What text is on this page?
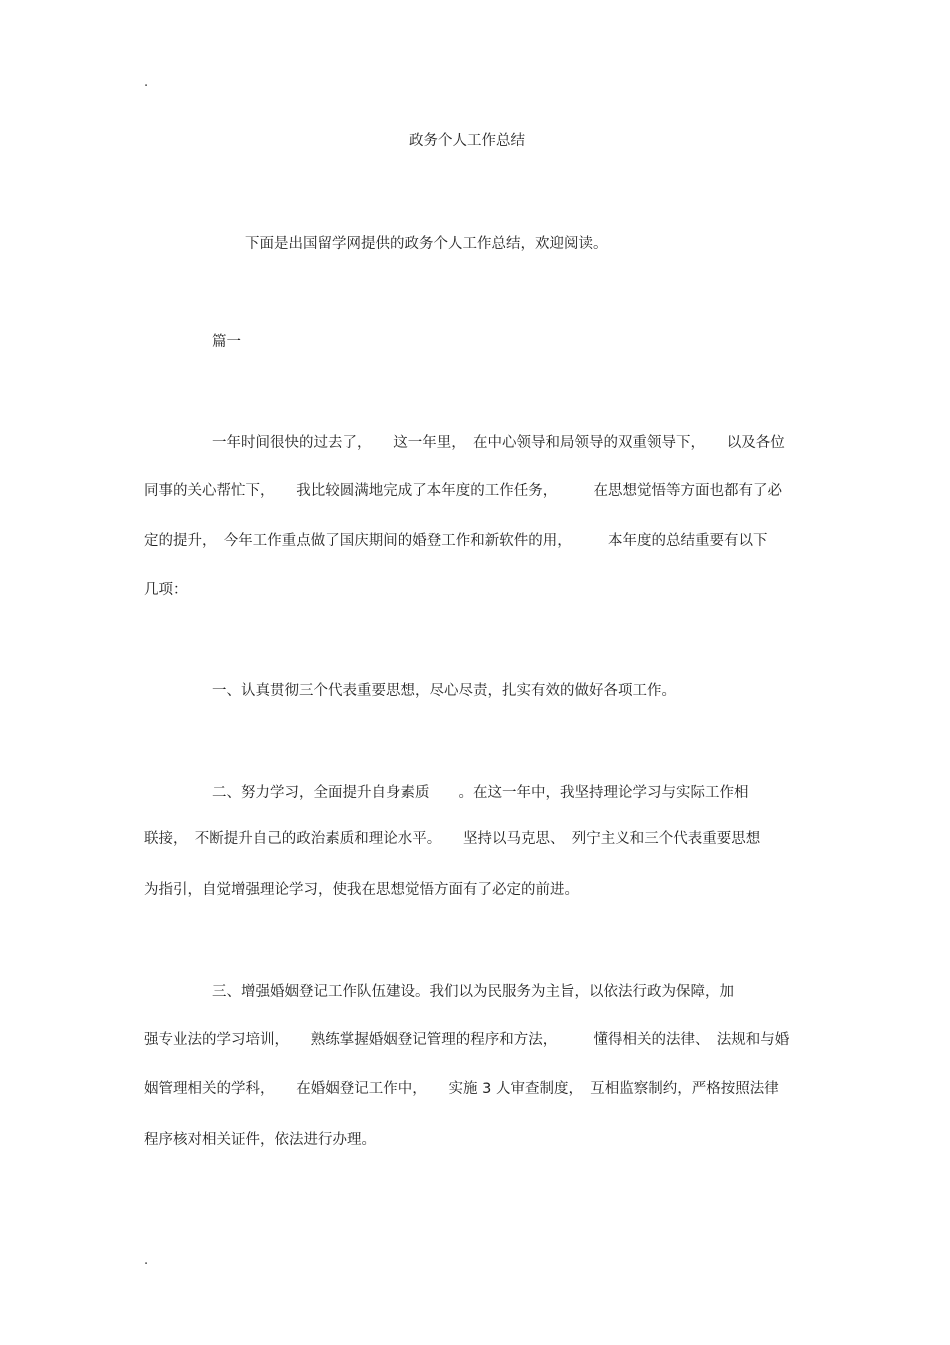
.
政务个人工作总结
下面是出国留学网提供的政务个人工作总结，欢迎阅读。
篇一
一年时间很快的过去了，　　这一年里，　在中心领导和局领导的双重领导下，　　以及各位
同事的关心帮忙下，　　我比较圆满地完成了本年度的工作任务，　　　在思想觉悟等方面也都有了必
定的提升，　今年工作重点做了国庆期间的婚登工作和新软件的用，　　　本年度的总结重要有以下
几项：
一、认真贯彻三个代表重要思想，尽心尽责，扎实有效的做好各项工作。
二、努力学习，全面提升自身素质　　。在这一年中，我坚持理论学习与实际工作相
联接，　不断提升自己的政治素质和理论水平。　　坚持以马克思、　列宁主义和三个代表重要思想
为指引，自觉增强理论学习，使我在思想觉悟方面有了必定的前进。
三、增强婚姻登记工作队伍建设。我们以为民服务为主旨，以依法行政为保障，加
强专业法的学习培训，　　熟练掌握婚姻登记管理的程序和方法，　　　懂得相关的法律、　法规和与婚
姻管理相关的学科，　　在婚姻登记工作中，　　实施 3 人审查制度，　互相监察制约，严格按照法律
程序核对相关证件，依法进行办理。
.
